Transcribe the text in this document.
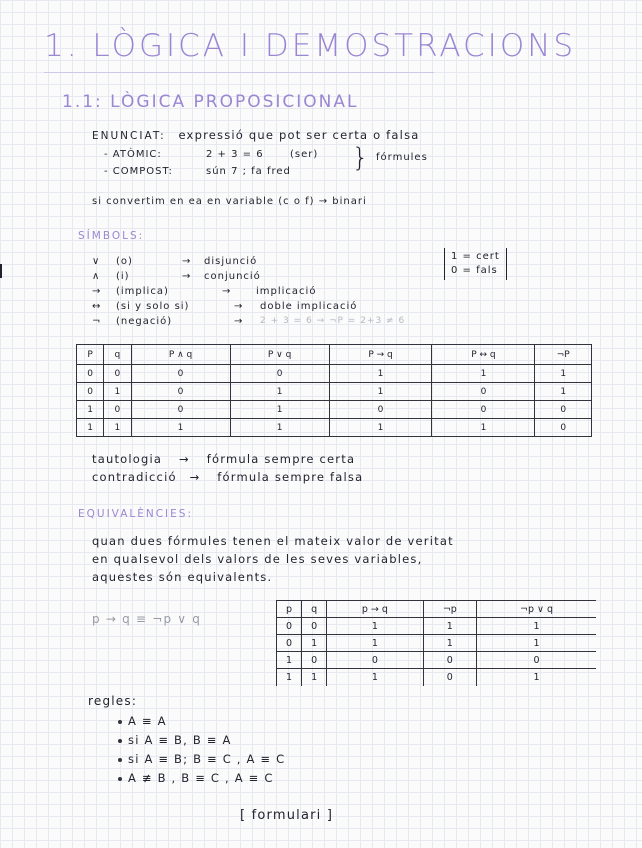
1. LÒGICA I DEMOSTRACIONS
1.1: LÒGICA PROPOSICIONAL
ENUNCIAT: expressió que pot ser certa o falsa
- ATÒMIC:	2 + 3 = 6	(ser)
- COMPOST:	sún 7 ; fa fred } fórmules
si convertim en ea en variable (c o f) → binari
SÍMBOLS:
∨ (o)	→ disjunció
∧ (i)	→ conjunció
→ (implica)	→ implicació
↔ (si y solo si)	→ doble implicació
¬ (negació)	→ 2 + 3 = 6 → ¬P = 2+3 ≠ 6
1 = cert
0 = fals
P	q	P ∧ q	P ∨ q	P → q	P ↔ q	¬P
0	0	0	0	1	1	1
0	1	0	1	1	0	1
1	0	0	1	0	0	0
1	1	1	1	1	1	0
tautologia → fórmula sempre certa
contradicció → fórmula sempre falsa
EQUIVALÈNCIES:
quan dues fórmules tenen el mateix valor de veritat
en qualsevol dels valors de les seves variables,
aquestes són equivalents.
p → q ≡ ¬p ∨ q
p	q	p → q	¬p	¬p ∨ q
0	0	1	1	1
0	1	1	1	1
1	0	0	0	0
1	1	1	0	1
regles:
A ≡ A
si A ≡ B, B ≡ A
si A ≡ B; B ≡ C , A ≡ C
A ≢ B , B ≡ C , A ≡ C
[ formulari ]
